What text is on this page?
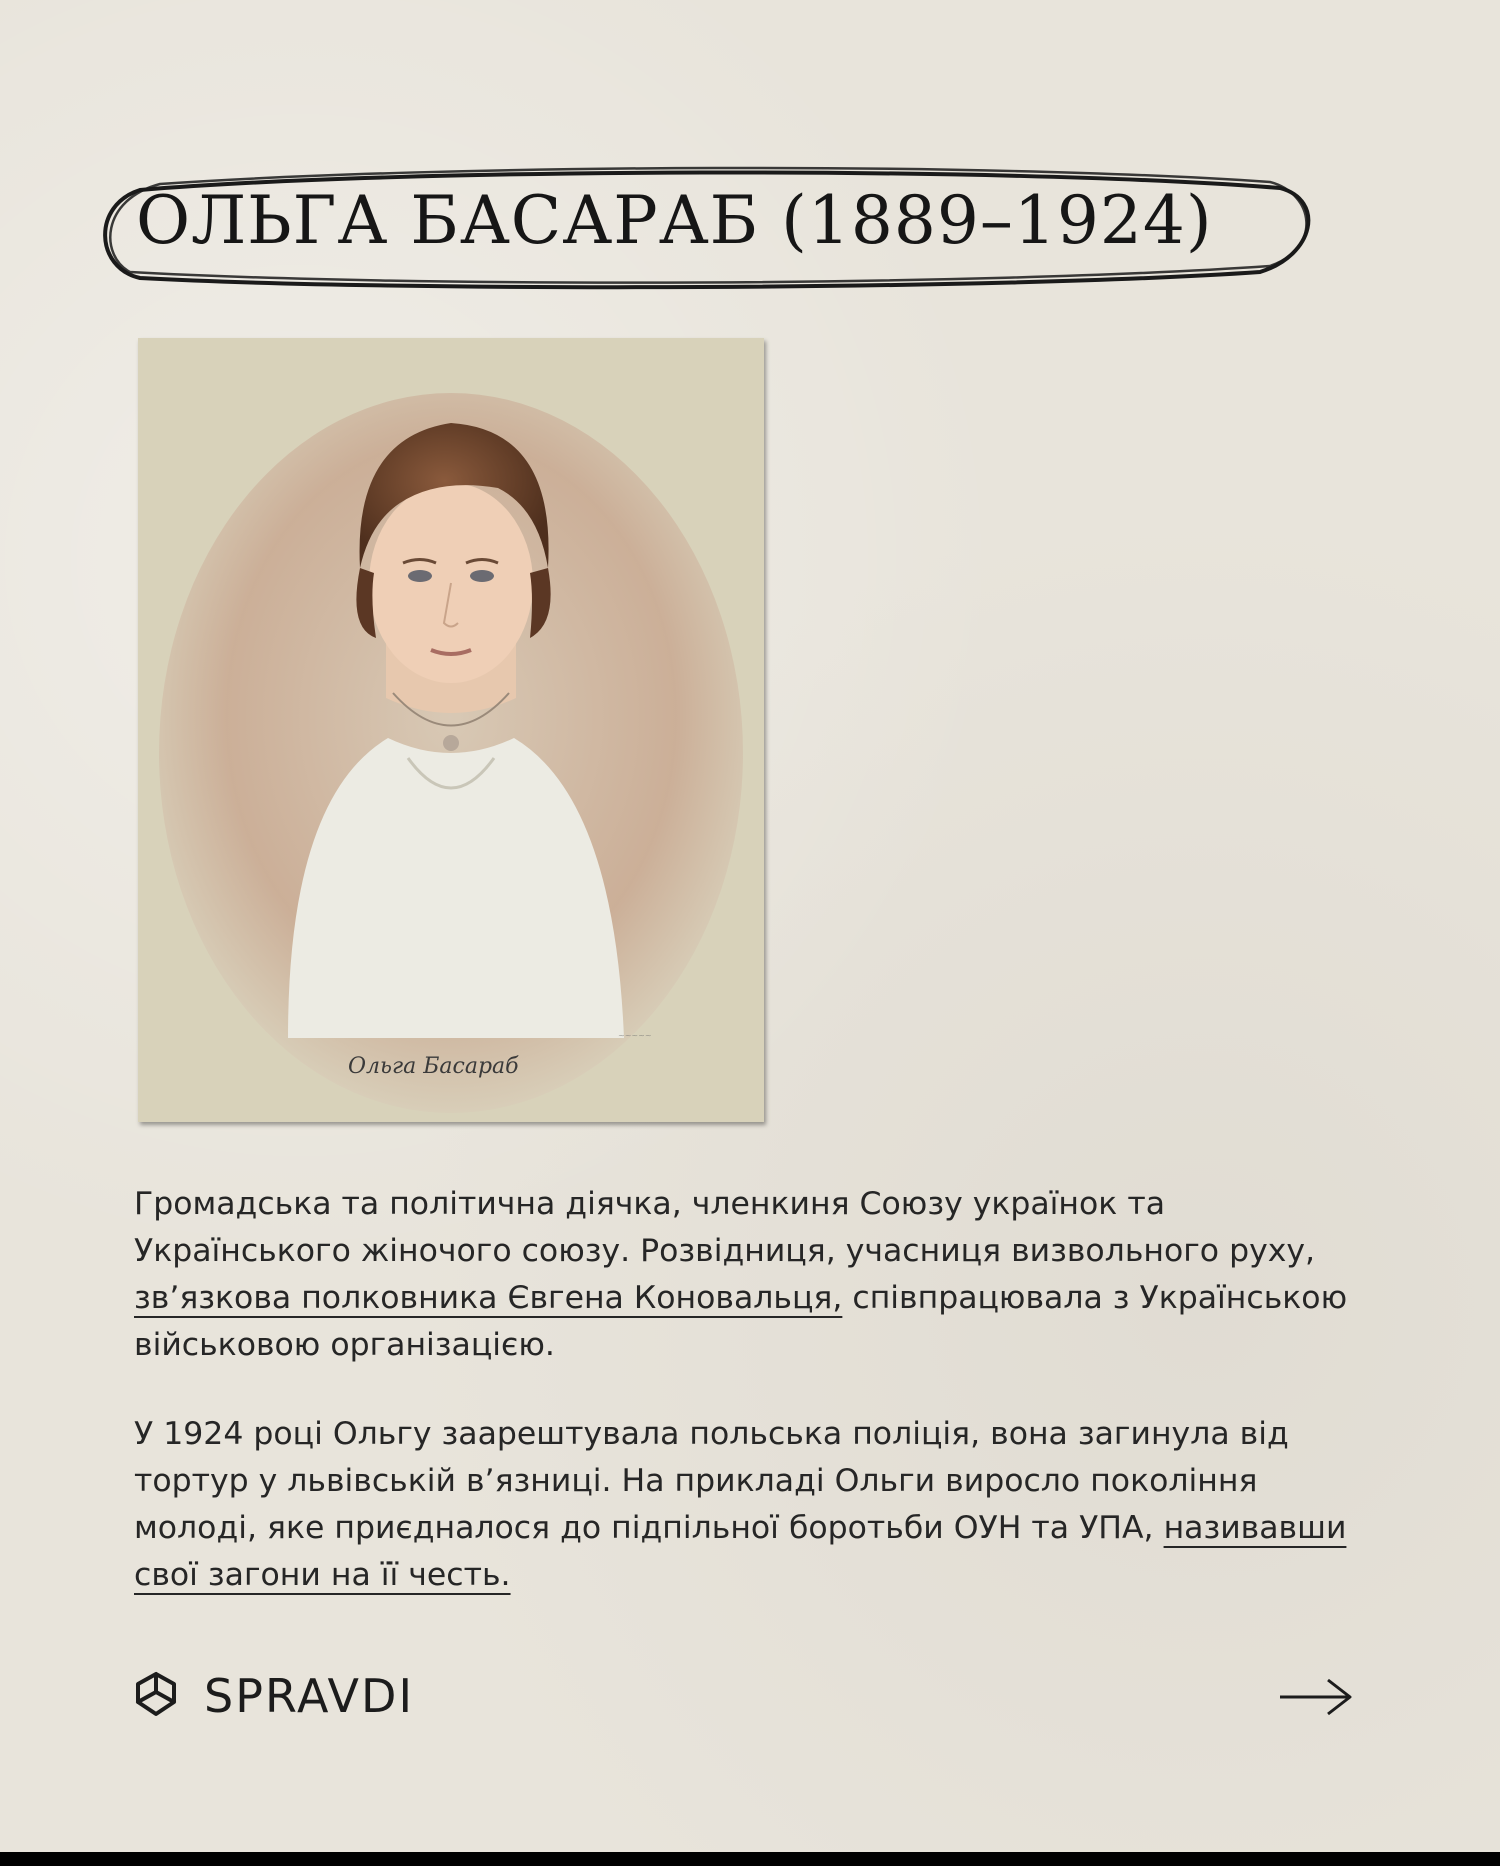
ОЛЬГА БАСАРАБ (1889–1924)
Ольга Басараб
~~~~~

Громадська та політична діячка, членкиня Союзу українок та Українського жіночого союзу. Розвідниця, учасниця визвольного руху, зв’язкова полковника Євгена Коновальця, співпрацювала з Українською військовою організацією.

У 1924 році Ольгу заарештувала польська поліція, вона загинула від тортур у львівській в’язниці. На прикладі Ольги виросло покоління молоді, яке приєдналося до підпільної боротьби ОУН та УПА, називавши свої загони на її честь.

SPRAVDI
